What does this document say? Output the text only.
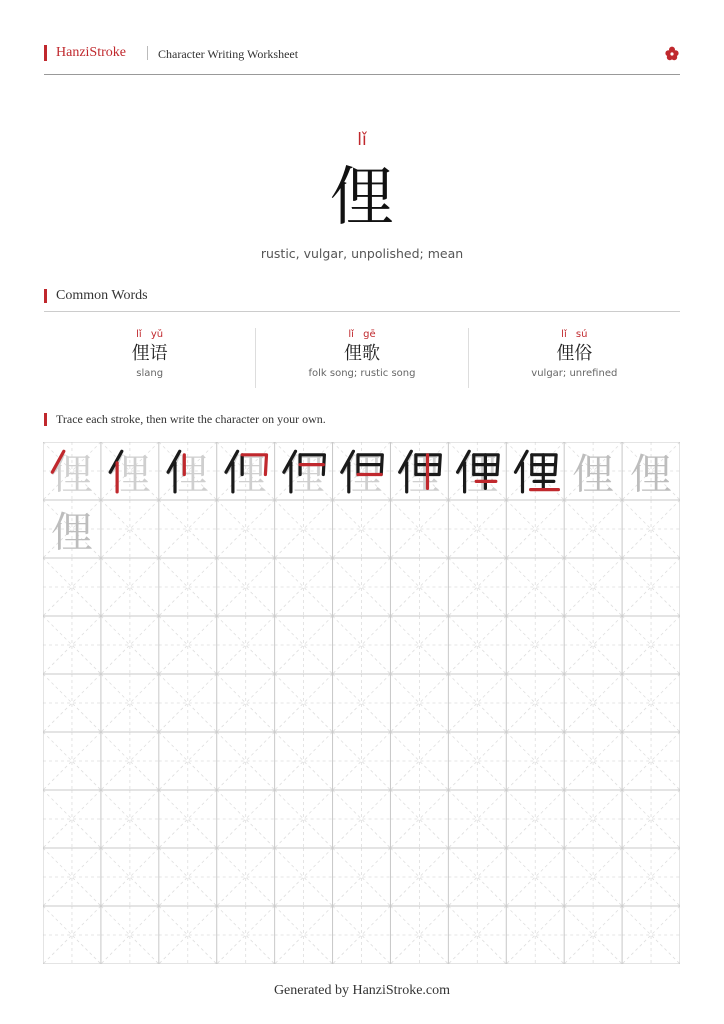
HanziStroke	Character Writing Worksheet
lǐ
俚
rustic, vulgar, unpolished; mean
Common Words
lǐ yǔ
俚语
slang
lǐ gē
俚歌
folk song; rustic song
lǐ sú
俚俗
vulgar; unrefined
Trace each stroke, then write the character on your own.
俚 俚 俚 俚 俚 俚 俚 俚 俚 俚
俚
Generated by HanziStroke.com
